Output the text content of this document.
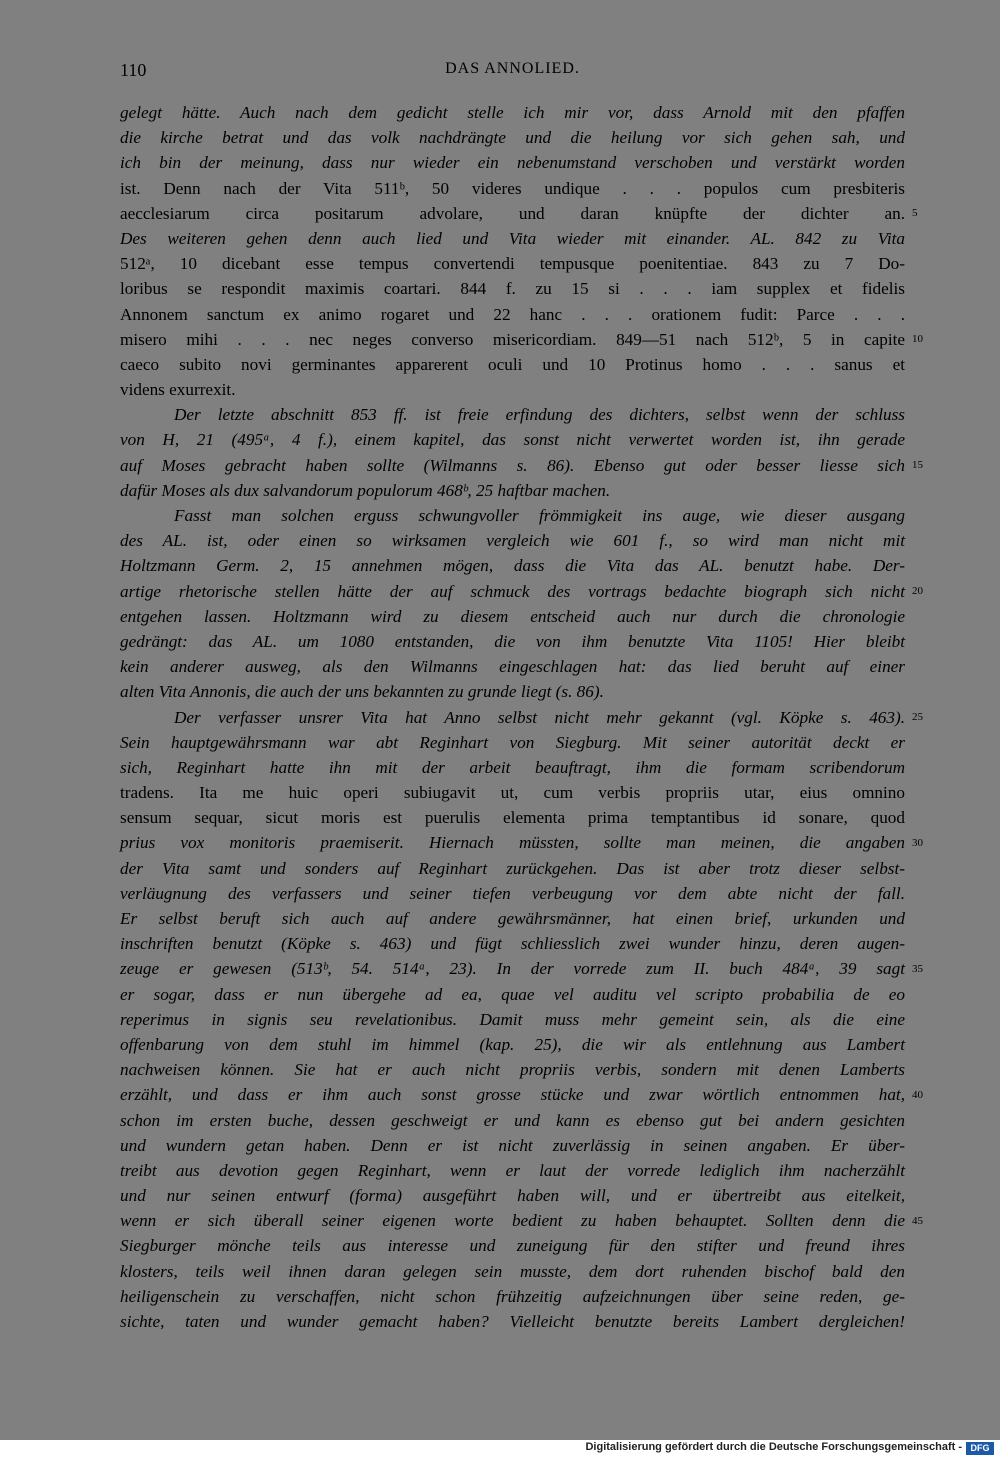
110	DAS ANNOLIED.
gelegt hätte. Auch nach dem gedicht stelle ich mir vor, dass Arnold mit den pfaffen
die kirche betrat und das volk nachdrängte und die heilung vor sich gehen sah, und
ich bin der meinung, dass nur wieder ein nebenumstand verschoben und verstärkt worden
ist. Denn nach der Vita 511ᵇ, 50 videres undique . . . populos cum presbiteris
aecclesiarum circa positarum advolare, und daran knüpfte der dichter an.
Des weiteren gehen denn auch lied und Vita wieder mit einander. AL. 842 zu Vita
512ᵃ, 10 dicebant esse tempus convertendi tempusque poenitentiae. 843 zu 7 Do-
loribus se respondit maximis coartari. 844 f. zu 15 si . . . iam supplex et fidelis
Annonem sanctum ex animo rogaret und 22 hanc . . . orationem fudit: Parce . . .
misero mihi . . . nec neges converso misericordiam. 849—51 nach 512ᵇ, 5 in capite
caeco subito novi germinantes apparerent oculi und 10 Protinus homo . . . sanus et
videns exurrexit.
Der letzte abschnitt 853 ff. ist freie erfindung des dichters, selbst wenn der schluss
von H, 21 (495ᵃ, 4 f.), einem kapitel, das sonst nicht verwertet worden ist, ihn gerade
auf Moses gebracht haben sollte (Wilmanns s. 86). Ebenso gut oder besser liesse sich
dafür Moses als dux salvandorum populorum 468ᵇ, 25 haftbar machen.
Fasst man solchen erguss schwungvoller frömmigkeit ins auge, wie dieser ausgang
des AL. ist, oder einen so wirksamen vergleich wie 601 f., so wird man nicht mit
Holtzmann Germ. 2, 15 annehmen mögen, dass die Vita das AL. benutzt habe. Der-
artige rhetorische stellen hätte der auf schmuck des vortrags bedachte biograph sich nicht
entgehen lassen. Holtzmann wird zu diesem entscheid auch nur durch die chronologie
gedrängt: das AL. um 1080 entstanden, die von ihm benutzte Vita 1105! Hier bleibt
kein anderer ausweg, als den Wilmanns eingeschlagen hat: das lied beruht auf einer
alten Vita Annonis, die auch der uns bekannten zu grunde liegt (s. 86).
Der verfasser unsrer Vita hat Anno selbst nicht mehr gekannt (vgl. Köpke s. 463).
Sein hauptgewährsmann war abt Reginhart von Siegburg. Mit seiner autorität deckt er
sich, Reginhart hatte ihn mit der arbeit beauftragt, ihm die formam scribendorum
tradens. Ita me huic operi subiugavit ut, cum verbis propriis utar, eius omnino
sensum sequar, sicut moris est puerulis elementa prima temptantibus id sonare, quod
prius vox monitoris praemiserit. Hiernach müssten, sollte man meinen, die angaben
der Vita samt und sonders auf Reginhart zurückgehen. Das ist aber trotz dieser selbst-
verläugnung des verfassers und seiner tiefen verbeugung vor dem abte nicht der fall.
Er selbst beruft sich auch auf andere gewährsmänner, hat einen brief, urkunden und
inschriften benutzt (Köpke s. 463) und fügt schliesslich zwei wunder hinzu, deren augen-
zeuge er gewesen (513ᵇ, 54. 514ᵃ, 23). In der vorrede zum II. buch 484ᵃ, 39 sagt
er sogar, dass er nun übergehe ad ea, quae vel auditu vel scripto probabilia de eo
reperimus in signis seu revelationibus. Damit muss mehr gemeint sein, als die eine
offenbarung von dem stuhl im himmel (kap. 25), die wir als entlehnung aus Lambert
nachweisen können. Sie hat er auch nicht propriis verbis, sondern mit denen Lamberts
erzählt, und dass er ihm auch sonst grosse stücke und zwar wörtlich entnommen hat,
schon im ersten buche, dessen geschweigt er und kann es ebenso gut bei andern gesichten
und wundern getan haben. Denn er ist nicht zuverlässig in seinen angaben. Er über-
treibt aus devotion gegen Reginhart, wenn er laut der vorrede lediglich ihm nacherzählt
und nur seinen entwurf (forma) ausgeführt haben will, und er übertreibt aus eitelkeit,
wenn er sich überall seiner eigenen worte bedient zu haben behauptet. Sollten denn die
Siegburger mönche teils aus interesse und zuneigung für den stifter und freund ihres
klosters, teils weil ihnen daran gelegen sein musste, dem dort ruhenden bischof bald den
heiligenschein zu verschaffen, nicht schon frühzeitig aufzeichnungen über seine reden, ge-
sichte, taten und wunder gemacht haben? Vielleicht benutzte bereits Lambert dergleichen!
5
10
15
20
25
30
35
40
45
Digitalisierung gefördert durch die Deutsche Forschungsgemeinschaft - DFG
